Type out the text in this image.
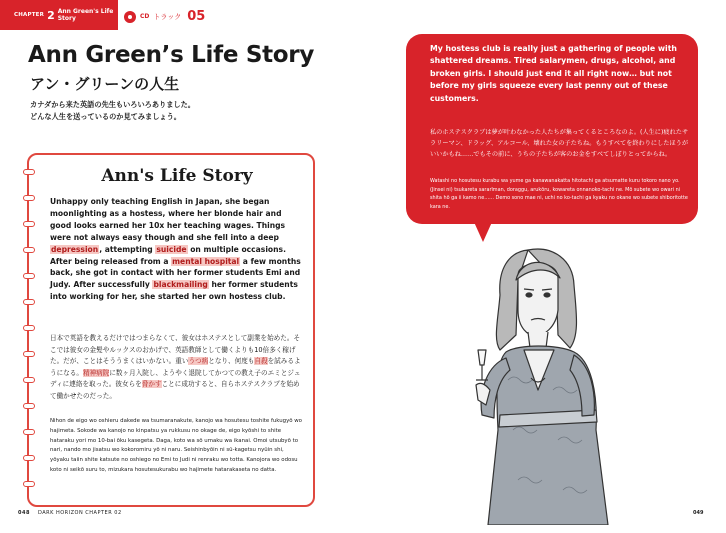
CHAPTER 2 Ann Green's Life Story	CD トラック 05
Ann Green’s Life Story
アン・グリーンの人生
カナダから来た英語の先生もいろいろありました。
どんな人生を送っているのか見てみましょう。
Ann's Life Story
Unhappy only teaching English in Japan, she began moonlighting as a hostess, where her blonde hair and good looks earned her 10x her teaching wages. Things were not always easy though and she fell into a deep depression, attempting suicide on multiple occasions. After being released from a mental hospital a few months back, she got in contact with her former students Emi and Judy. After successfully blackmailing her former students into working for her, she started her own hostess club.
日本で英語を教えるだけではつまらなくて、彼女はホステスとして副業を始めた。そこでは彼女の金髪やルックスのおかげで、英語教師として働くよりも10倍多く稼げた。だが、ことはそううまくはいかない。重いうつ病となり、何度も自殺を試みるようになる。精神病院に数ヶ月入院し、ようやく退院してかつての教え子のエミとジュディに連絡を取った。彼女らを脅かすことに成功すると、自らホステスクラブを始めて働かせたのだった。
Nihon de eigo wo oshieru dakede wa tsumaranakute, kanojo wa hosutesu toshite fukugyō wo hajimeta. Sokode wa kanojo no kinpatsu ya rukkusu no okage de, eigo kyōshi to shite hataraku yori mo 10-bai ōku kasegeta. Daga, koto wa sō umaku wa ikanai. Omoi utsubyō to nari, nando mo jisatsu wo kokoromiru yō ni naru. Seishinbyōin ni sū-kagetsu nyūin shi, yōyaku taiin shite katsute no oshiego no Emi to Judi ni renraku wo totta. Kanojora wo odosu koto ni seikō suru to, mizukara hosutesukurabu wo hajimete hatarakaseta no datta.
My hostess club is really just a gathering of people with shattered dreams. Tired salarymen, drugs, alcohol, and broken girls. I should just end it all right now… but not before my girls squeeze every last penny out of these customers.
私のホステスクラブは夢が叶わなかった人たちが集ってくるところなのよ。(人生に)疲れたサラリーマン、ドラッグ、アルコール、壊れた女の子たちね。もうすべてを終わりにしたほうがいいかもね……でもその前に、うちの子たちが客のお金をすべてしぼりとってからね。
Watashi no hosutesu kurabu wa yume ga kanawanakatta hitotachi ga atsumatte kuru tokoro nano yo. (Jinsei ni) tsukareta sararīman, doraggu, arukōru, kowareta onnanoko-tachi ne. Mō subete wo owari ni shita hō ga ii kamo ne…… Demo sono mae ni, uchi no ko-tachi ga kyaku no okane wo subete shiboritotte kara ne.
048 DARK HORIZON CHAPTER 02	049
